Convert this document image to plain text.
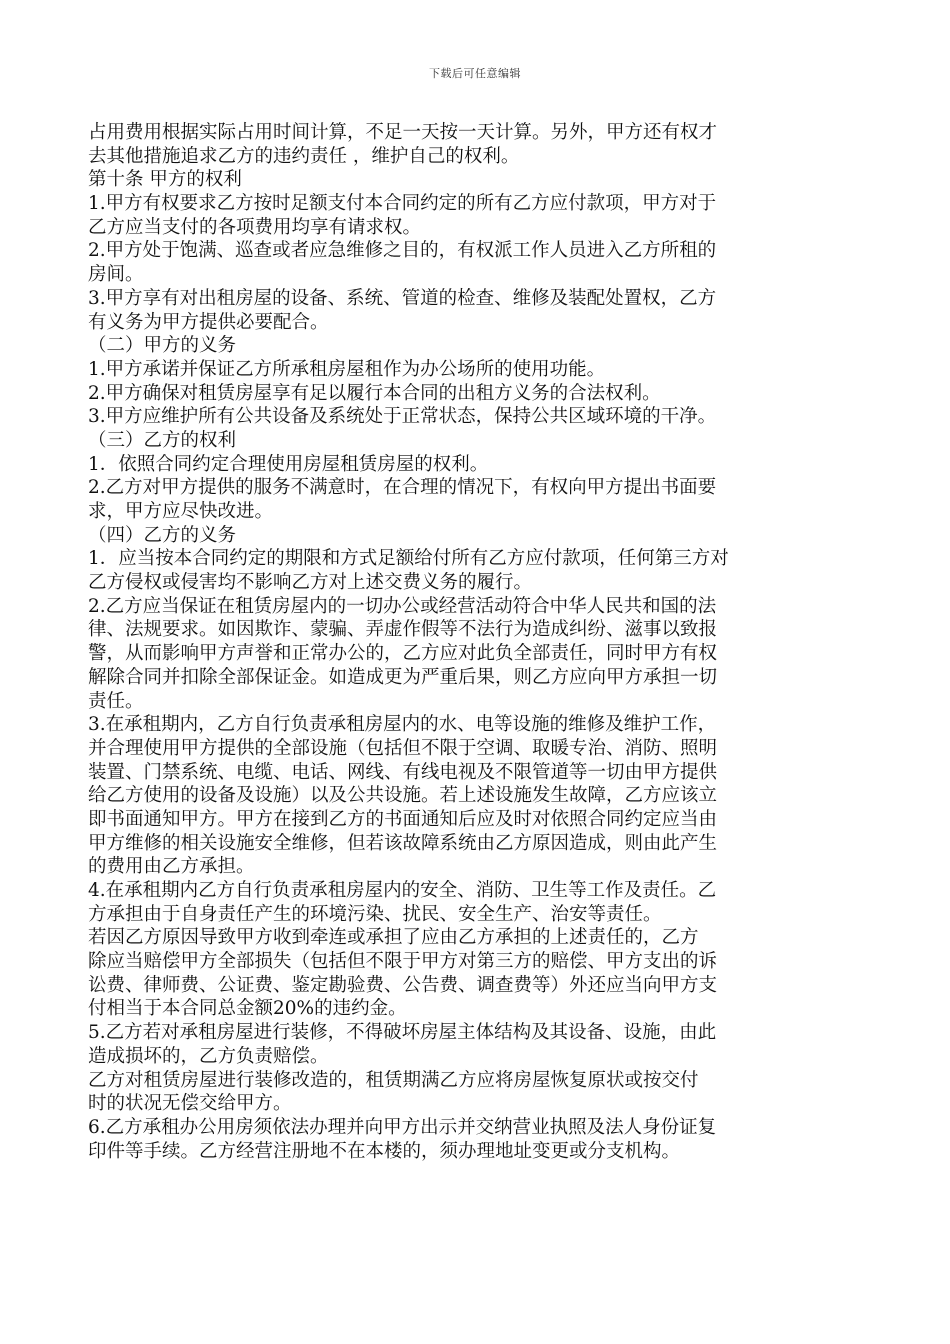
下载后可任意编辑
占用费用根据实际占用时间计算，不足一天按一天计算。另外，甲方还有权才
去其他措施追求乙方的违约责任 ，维护自己的权利。
第十条 甲方的权利
1.甲方有权要求乙方按时足额支付本合同约定的所有乙方应付款项，甲方对于
乙方应当支付的各项费用均享有请求权。
2.甲方处于饱满、巡查或者应急维修之目的，有权派工作人员进入乙方所租的
房间。
3.甲方享有对出租房屋的设备、系统、管道的检查、维修及装配处置权，乙方
有义务为甲方提供必要配合。
（二）甲方的义务
1.甲方承诺并保证乙方所承租房屋租作为办公场所的使用功能。
2.甲方确保对租赁房屋享有足以履行本合同的出租方义务的合法权利。
3.甲方应维护所有公共设备及系统处于正常状态，保持公共区域环境的干净。
（三）乙方的权利
1．依照合同约定合理使用房屋租赁房屋的权利。
2.乙方对甲方提供的服务不满意时，在合理的情况下，有权向甲方提出书面要
求，甲方应尽快改进。
（四）乙方的义务
1．应当按本合同约定的期限和方式足额给付所有乙方应付款项，任何第三方对
乙方侵权或侵害均不影响乙方对上述交费义务的履行。
2.乙方应当保证在租赁房屋内的一切办公或经营活动符合中华人民共和国的法
律、法规要求。如因欺诈、蒙骗、弄虚作假等不法行为造成纠纷、滋事以致报
警，从而影响甲方声誉和正常办公的，乙方应对此负全部责任，同时甲方有权
解除合同并扣除全部保证金。如造成更为严重后果，则乙方应向甲方承担一切
责任。
3.在承租期内，乙方自行负责承租房屋内的水、电等设施的维修及维护工作，
并合理使用甲方提供的全部设施（包括但不限于空调、取暖专治、消防、照明
装置、门禁系统、电缆、电话、网线、有线电视及不限管道等一切由甲方提供
给乙方使用的设备及设施）以及公共设施。若上述设施发生故障，乙方应该立
即书面通知甲方。甲方在接到乙方的书面通知后应及时对依照合同约定应当由
甲方维修的相关设施安全维修，但若该故障系统由乙方原因造成，则由此产生
的费用由乙方承担。
4.在承租期内乙方自行负责承租房屋内的安全、消防、卫生等工作及责任。乙
方承担由于自身责任产生的环境污染、扰民、安全生产、治安等责任。
若因乙方原因导致甲方收到牵连或承担了应由乙方承担的上述责任的，乙方
除应当赔偿甲方全部损失（包括但不限于甲方对第三方的赔偿、甲方支出的诉
讼费、律师费、公证费、鉴定勘验费、公告费、调查费等）外还应当向甲方支
付相当于本合同总金额20%的违约金。
5.乙方若对承租房屋进行装修，不得破坏房屋主体结构及其设备、设施，由此
造成损坏的，乙方负责赔偿。
乙方对租赁房屋进行装修改造的，租赁期满乙方应将房屋恢复原状或按交付
时的状况无偿交给甲方。
6.乙方承租办公用房须依法办理并向甲方出示并交纳营业执照及法人身份证复
印件等手续。乙方经营注册地不在本楼的，须办理地址变更或分支机构。
